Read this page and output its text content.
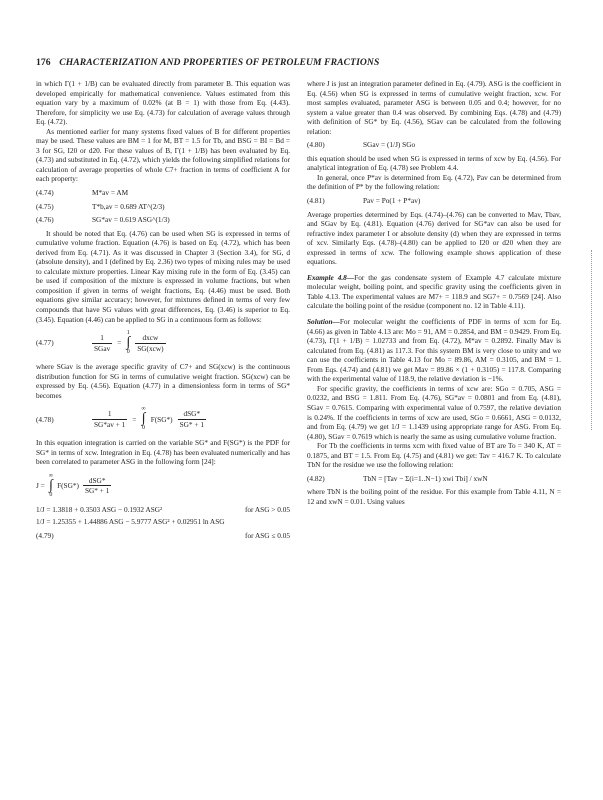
176 CHARACTERIZATION AND PROPERTIES OF PETROLEUM FRACTIONS

in which Γ(1 + 1/B) can be evaluated directly from parameter B. This equation was developed empirically for mathematical convenience. Values estimated from this equation vary by a maximum of 0.02% (at B = 1) with those from Eq. (4.43). Therefore, for simplicity we use Eq. (4.73) for calculation of average values through Eq. (4.72).

As mentioned earlier for many systems fixed values of B for different properties may be used. These values are BM = 1 for M, BT = 1.5 for Tb, and BSG = BI = Bd = 3 for SG, I20 or d20. For these values of B, Γ(1 + 1/B) has been evaluated by Eq. (4.73) and substituted in Eq. (4.72), which yields the following simplified relations for calculation of average properties of whole C7+ fraction in terms of coefficient A for each property:

(4.74)	M*av = AM
(4.75)	T*b,av = 0.689 AT^(2/3)
(4.76)	SG*av = 0.619 ASG^(1/3)

It should be noted that Eq. (4.76) can be used when SG is expressed in terms of cumulative volume fraction. Equation (4.76) is based on Eq. (4.72), which has been derived from Eq. (4.71). As it was discussed in Chapter 3 (Section 3.4), for SG, d (absolute density), and I (defined by Eq. 2.36) two types of mixing rules may be used to calculate mixture properties. Linear Kay mixing rule in the form of Eq. (3.45) can be used if composition of the mixture is expressed in volume fractions, but when composition if given in terms of weight fractions, Eq. (4.46) must be used. Both equations give similar accuracy; however, for mixtures defined in terms of very few compounds that have SG values with great differences, Eq. (3.46) is superior to Eq. (3.45). Equation (4.46) can be applied to SG in a continuous form as follows:

(4.77)
1
SGav
=
1
∫
0
dxcw
SG(xcw)

where SGav is the average specific gravity of C7+ and SG(xcw) is the continuous distribution function for SG in terms of cumulative weight fraction. SG(xcw) can be expressed by Eq. (4.56). Equation (4.77) in a dimensionless form in terms of SG* becomes

(4.78)	$\frac{1}{SG*av + 1}$ =
∞
∫
0
F(SG*)
dSG*
SG* + 1

In this equation integration is carried on the variable SG* and F(SG*) is the PDF for SG* in terms of xcw. Integration in Eq. (4.78) has been evaluated numerically and has been correlated to parameter ASG in the following form [24]:

J =
∞
∫
0
F(SG*)
dSG*
SG* + 1
1/J = 1.3818 + 0.3503 ASG − 0.1932 ASG²	for ASG > 0.05
1/J = 1.25355 + 1.44886 ASG − 5.9777 ASG² + 0.02951 ln ASG
(4.79)	for ASG ≤ 0.05

where J is just an integration parameter defined in Eq. (4.79). ASG is the coefficient in Eq. (4.56) when SG is expressed in terms of cumulative weight fraction, xcw. For most samples evaluated, parameter ASG is between 0.05 and 0.4; however, for no system a value greater than 0.4 was observed. By combining Eqs. (4.78) and (4.79) with definition of SG* by Eq. (4.56), SGav can be calculated from the following relation:

(4.80)	SGav = (1/J) SGo

this equation should be used when SG is expressed in terms of xcw by Eq. (4.56). For analytical integration of Eq. (4.78) see Problem 4.4.

In general, once P*av is determined from Eq. (4.72), Pav can be determined from the definition of P* by the following relation:

(4.81)	Pav = Po(1 + P*av)

Average properties determined by Eqs. (4.74)–(4.76) can be converted to Mav, Tbav, and SGav by Eq. (4.81). Equation (4.76) derived for SG*av can also be used for refractive index parameter I or absolute density (d) when they are expressed in terms of xcv. Similarly Eqs. (4.78)–(4.80) can be applied to I20 or d20 when they are expressed in terms of xcw. The following example shows application of these equations.

Example 4.8—For the gas condensate system of Example 4.7 calculate mixture molecular weight, boiling point, and specific gravity using the coefficients given in Table 4.13. The experimental values are M7+ = 118.9 and SG7+ = 0.7569 [24]. Also calculate the boiling point of the residue (component no. 12 in Table 4.11).

Solution—For molecular weight the coefficients of PDF in terms of xcm for Eq. (4.66) as given in Table 4.13 are: Mo = 91, AM = 0.2854, and BM = 0.9429. From Eq. (4.73), Γ(1 + 1/B) = 1.02733 and from Eq. (4.72), M*av = 0.2892. Finally Mav is calculated from Eq. (4.81) as 117.3. For this system BM is very close to unity and we can use the coefficients in Table 4.13 for Mo = 89.86, AM = 0.3105, and BM = 1. From Eqs. (4.74) and (4.81) we get Mav = 89.86 × (1 + 0.3105) = 117.8. Comparing with the experimental value of 118.9, the relative deviation is −1%.

For specific gravity, the coefficients in terms of xcw are: SGo = 0.705, ASG = 0.0232, and BSG = 1.811. From Eq. (4.76), SG*av = 0.0801 and from Eq. (4.81), SGav = 0.7615. Comparing with experimental value of 0.7597, the relative deviation is 0.24%. If the coefficients in terms of xcw are used, SGo = 0.6661, ASG = 0.0132, and from Eq. (4.79) we get 1/J = 1.1439 using appropriate range for ASG. From Eq. (4.80), SGav = 0.7619 which is nearly the same as using cumulative volume fraction.

For Tb the coefficients in terms xcm with fixed value of BT are To = 340 K, AT = 0.1875, and BT = 1.5. From Eq. (4.75) and (4.81) we get: Tav = 416.7 K. To calculate TbN for the residue we use the following relation:

(4.82)	TbN = [Tav − Σ(i=1..N−1) xwi Tbi] / xwN

where TbN is the boiling point of the residue. For this example from Table 4.11, N = 12 and xwN = 0.01. Using values
